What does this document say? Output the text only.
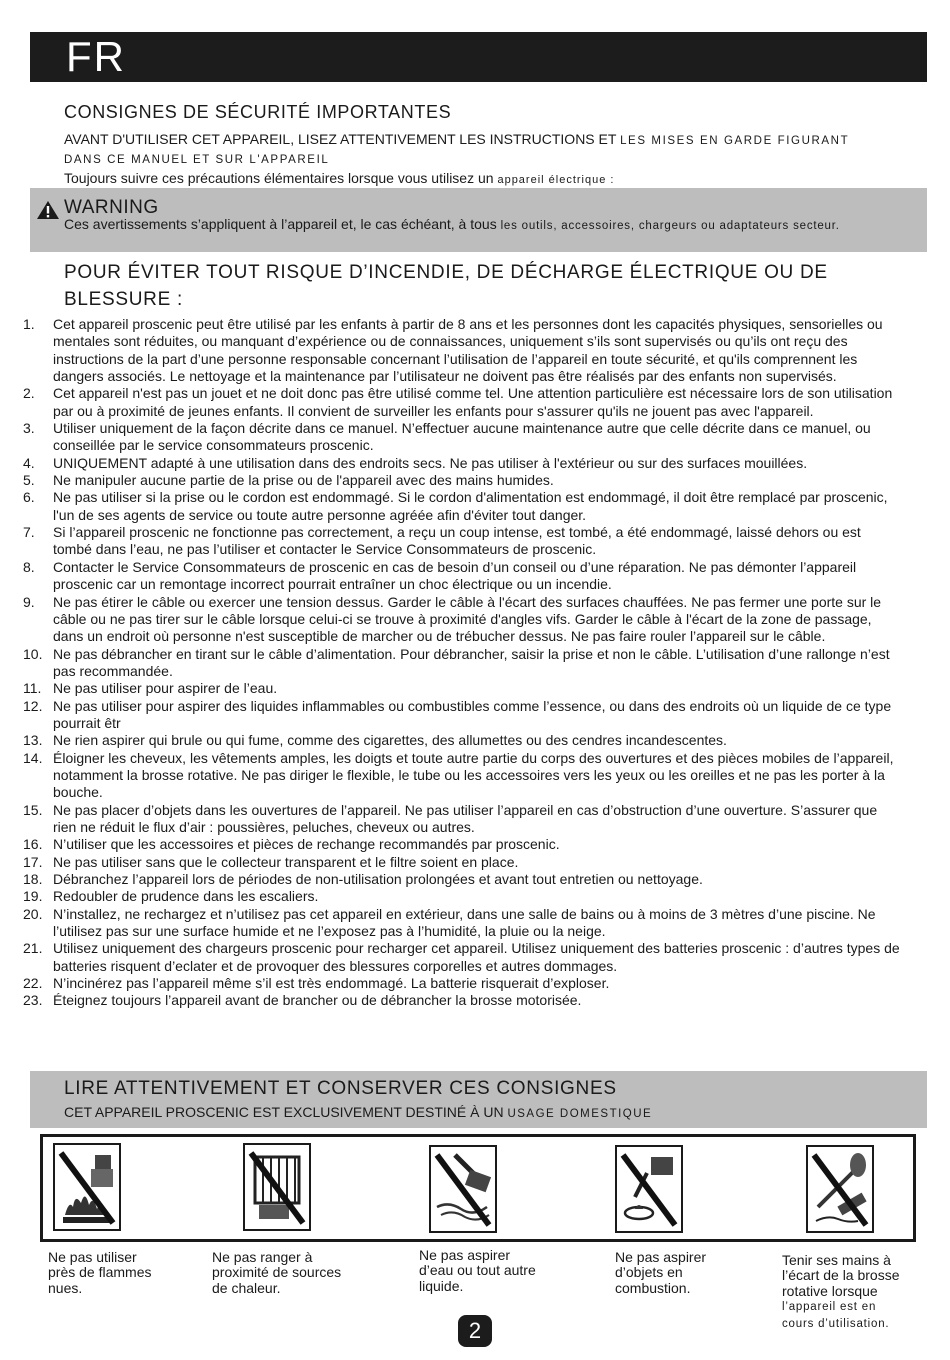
FR
CONSIGNES DE SÉCURITÉ IMPORTANTES
AVANT D'UTILISER CET APPAREIL, LISEZ ATTENTIVEMENT LES INSTRUCTIONS ET LES MISES EN GARDE FIGURANT DANS CE MANUEL ET SUR L'APPAREIL
Toujours suivre ces précautions élémentaires lorsque vous utilisez un appareil électrique :
WARNING
Ces avertissements s’appliquent à l’appareil et, le cas échéant, à tous les outils, accessoires, chargeurs ou adaptateurs secteur.
POUR ÉVITER TOUT RISQUE D’INCENDIE, DE DÉCHARGE ÉLECTRIQUE OU DE BLESSURE :
1.	Cet appareil proscenic peut être utilisé par les enfants à partir de 8 ans et les personnes dont les capacités physiques, sensorielles ou mentales sont réduites, ou manquant d’expérience ou de connaissances, uniquement s’ils sont supervisés ou qu’ils ont reçu des instructions de la part d’une personne responsable concernant l’utilisation de l’appareil en toute sécurité, et qu'ils comprennent les dangers associés. Le nettoyage et la maintenance par l’utilisateur ne doivent pas être réalisés par des enfants non supervisés.
2.	Cet appareil n'est pas un jouet et ne doit donc pas être utilisé comme tel. Une attention particulière est nécessaire lors de son utilisation par ou à proximité de jeunes enfants. Il convient de surveiller les enfants pour s'assurer qu'ils ne jouent pas avec l'appareil.
3.	Utiliser uniquement de la façon décrite dans ce manuel. N’effectuer aucune maintenance autre que celle décrite dans ce manuel, ou conseillée par le service consommateurs proscenic.
4.	UNIQUEMENT adapté à une utilisation dans des endroits secs. Ne pas utiliser à l'extérieur ou sur des surfaces mouillées.
5.	Ne manipuler aucune partie de la prise ou de l'appareil avec des mains humides.
6.	Ne pas utiliser si la prise ou le cordon est endommagé. Si le cordon d'alimentation est endommagé, il doit être remplacé par proscenic, l'un de ses agents de service ou toute autre personne agréée afin d'éviter tout danger.
7.	Si l’appareil proscenic ne fonctionne pas correctement, a reçu un coup intense, est tombé, a été endommagé, laissé dehors ou est tombé dans l’eau, ne pas l’utiliser et contacter le Service Consommateurs de proscenic.
8.	Contacter le Service Consommateurs de proscenic en cas de besoin d’un conseil ou d’une réparation. Ne pas démonter l’appareil proscenic car un remontage incorrect pourrait entraîner un choc électrique ou un incendie.
9.	Ne pas étirer le câble ou exercer une tension dessus. Garder le câble à l'écart des surfaces chauffées. Ne pas fermer une porte sur le câble ou ne pas tirer sur le câble lorsque celui-ci se trouve à proximité d'angles vifs. Garder le câble à l'écart de la zone de passage, dans un endroit où personne n'est susceptible de marcher ou de trébucher dessus. Ne pas faire rouler l’appareil sur le câble.
10. Ne pas débrancher en tirant sur le câble d’alimentation. Pour débrancher, saisir la prise et non le câble. L’utilisation d’une rallonge n’est pas recommandée.
11. Ne pas utiliser pour aspirer de l’eau.
12. Ne pas utiliser pour aspirer des liquides inflammables ou combustibles comme l’essence, ou dans des endroits où un liquide de ce type pourrait êtr
13. Ne rien aspirer qui brule ou qui fume, comme des cigarettes, des allumettes ou des cendres incandescentes.
14. Éloigner les cheveux, les vêtements amples, les doigts et toute autre partie du corps des ouvertures et des pièces mobiles de l’appareil, notamment la brosse rotative. Ne pas diriger le flexible, le tube ou les accessoires vers les yeux ou les oreilles et ne pas les porter à la bouche.
15. Ne pas placer d’objets dans les ouvertures de l’appareil. Ne pas utiliser l’appareil en cas d’obstruction d’une ouverture. S’assurer que rien ne réduit le flux d’air : poussières, peluches, cheveux ou autres.
16. N’utiliser que les accessoires et pièces de rechange recommandés par proscenic.
17. Ne pas utiliser sans que le collecteur transparent et le filtre soient en place.
18. Débranchez l’appareil lors de périodes de non-utilisation prolongées et avant tout entretien ou nettoyage.
19. Redoubler de prudence dans les escaliers.
20. N’installez, ne rechargez et n’utilisez pas cet appareil en extérieur, dans une salle de bains ou à moins de 3 mètres d’une piscine. Ne l’utilisez pas sur une surface humide et ne l’exposez pas à l’humidité, la pluie ou la neige.
21. Utilisez uniquement des chargeurs proscenic pour recharger cet appareil. Utilisez uniquement des batteries proscenic : d’autres types de batteries risquent d’eclater et de provoquer des blessures corporelles et autres dommages.
22. N’incinérez pas l’appareil même s’il est très endommagé. La batterie risquerait d’exploser.
23. Éteignez toujours l’appareil avant de brancher ou de débrancher la brosse motorisée.
LIRE ATTENTIVEMENT ET CONSERVER CES CONSIGNES
CET APPAREIL PROSCENIC EST EXCLUSIVEMENT DESTINÉ À UN USAGE DOMESTIQUE
Ne pas utiliser
près de flammes
nues.
Ne pas ranger à
proximité de sources
de chaleur.
Ne pas aspirer
d’eau ou tout autre
liquide.
Ne pas aspirer
d’objets en
combustion.
Tenir ses mains à
l’écart de la brosse
rotative lorsque
l’appareil est en
cours d’utilisation.
2
